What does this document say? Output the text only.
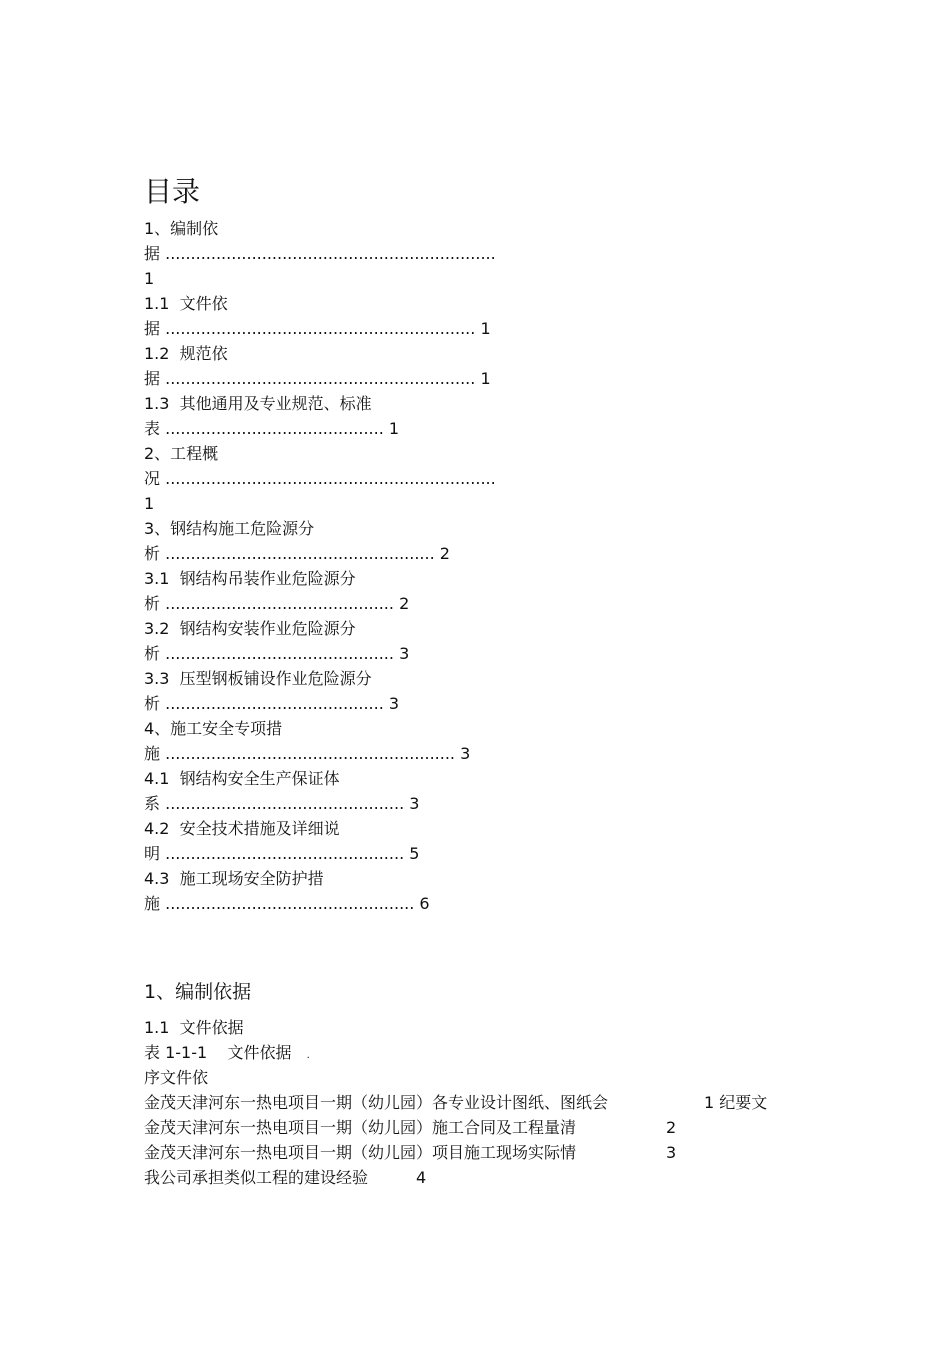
目录
1、编制依
据 .................................................................
1
1.1  文件依
据 ............................................................. 1
1.2  规范依
据 ............................................................. 1
1.3  其他通用及专业规范、标准
表 ........................................... 1
2、工程概
况 .................................................................
1
3、钢结构施工危险源分
析 ..................................................... 2
3.1  钢结构吊装作业危险源分
析 ............................................. 2
3.2  钢结构安装作业危险源分
析 ............................................. 3
3.3  压型钢板铺设作业危险源分
析 ........................................... 3
4、施工安全专项措
施 ......................................................... 3
4.1  钢结构安全生产保证体
系 ............................................... 3
4.2  安全技术措施及详细说
明 ............................................... 5
4.3  施工现场安全防护措
施 ................................................. 6
1、编制依据
1.1  文件依据
表 1-1-1    文件依据 .
序文件依
金茂天津河东一热电项目一期（幼儿园）各专业设计图纸、图纸会	1 纪要文
金茂天津河东一热电项目一期（幼儿园）施工合同及工程量清	2
金茂天津河东一热电项目一期（幼儿园）项目施工现场实际情	3
我公司承担类似工程的建设经验	4
